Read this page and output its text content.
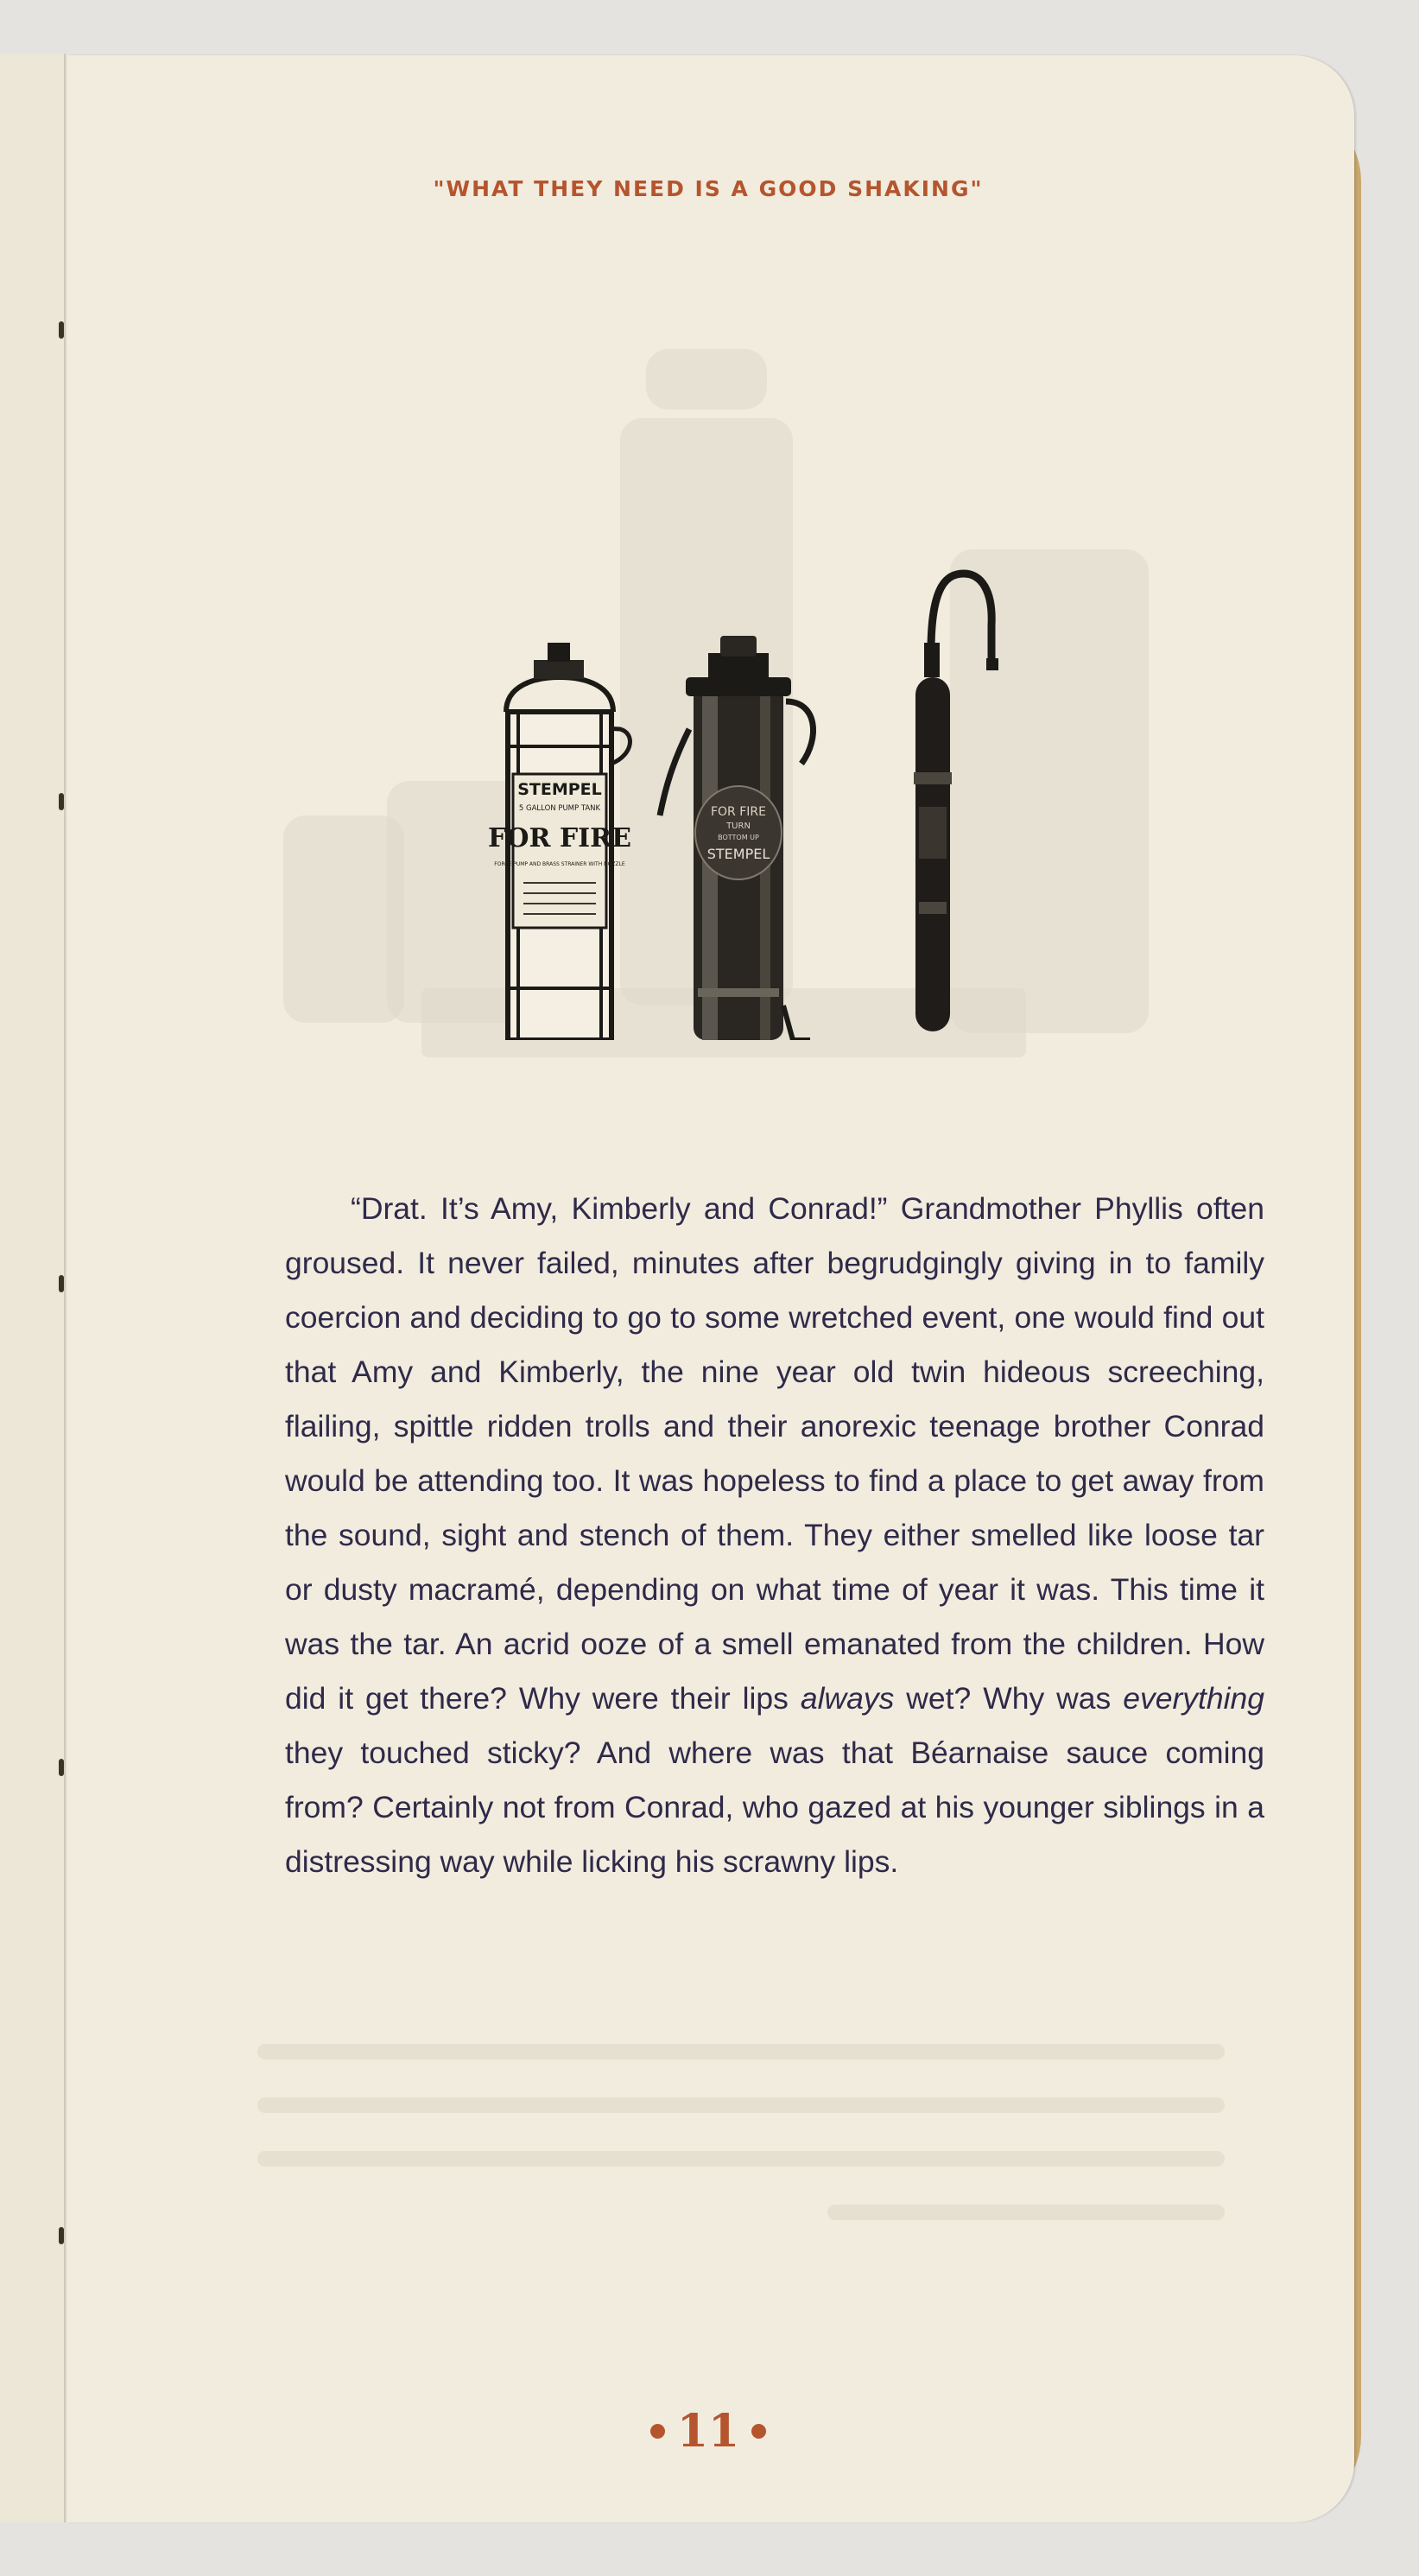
"WHAT THEY NEED IS A GOOD SHAKING"
STEMPEL
5 GALLON PUMP TANK
FOR FIRE
FORCE PUMP AND BRASS STRAINER WITH NOZZLE
FOR FIRE
TURN
BOTTOM UP
STEMPEL

“Drat. It’s Amy, Kimberly and Conrad!” Grandmother Phyllis often groused. It never failed, minutes after begrudgingly giving in to family coercion and deciding to go to some wretched event, one would find out that Amy and Kimberly, the nine year old twin hideous screeching, flailing, spittle ridden trolls and their anorexic teenage brother Conrad would be attending too. It was hopeless to find a place to get away from the sound, sight and stench of them. They either smelled like loose tar or dusty macramé, depending on what time of year it was. This time it was the tar. An acrid ooze of a smell emanated from the children. How did it get there? Why were their lips always wet? Why was everything they touched sticky? And where was that Béarnaise sauce coming from? Certainly not from Conrad, who gazed at his younger siblings in a distressing way while licking his scrawny lips.

11
